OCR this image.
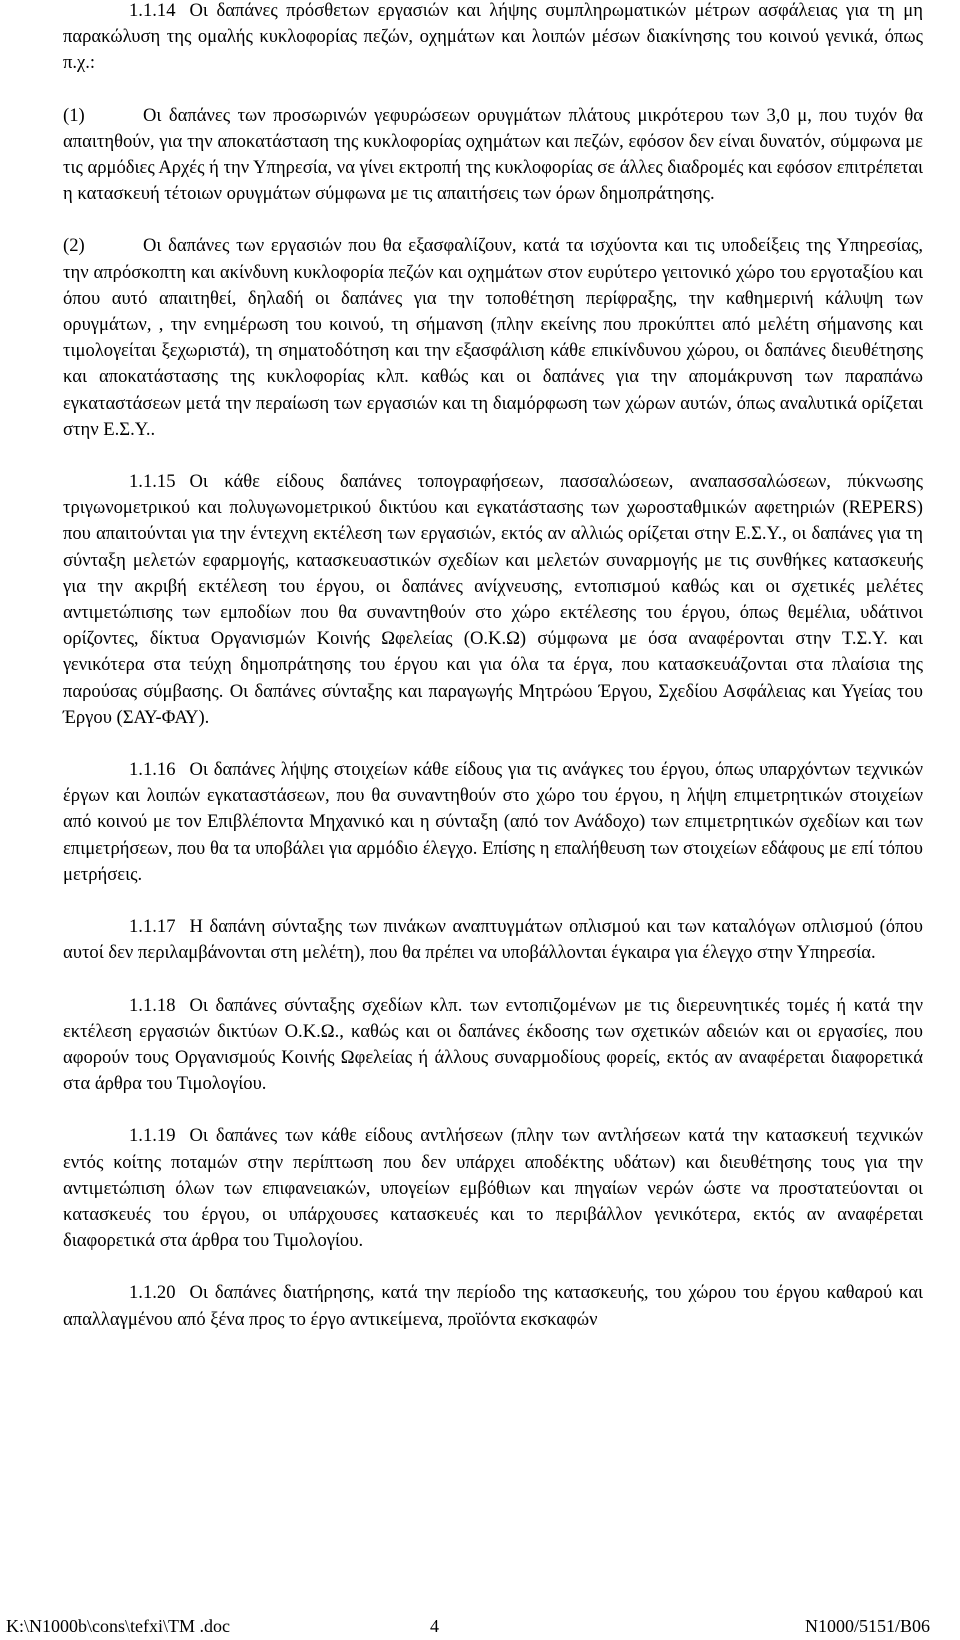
1.1.14 Οι δαπάνες πρόσθετων εργασιών και λήψης συμπληρωματικών μέτρων ασφάλειας για τη μη παρακώλυση της ομαλής κυκλοφορίας πεζών, οχημάτων και λοιπών μέσων διακίνησης του κοινού γενικά, όπως π.χ.:

(1)	Οι δαπάνες των προσωρινών γεφυρώσεων ορυγμάτων πλάτους μικρότερου των 3,0 μ, που τυχόν θα απαιτηθούν, για την αποκατάσταση της κυκλοφορίας οχημάτων και πεζών, εφόσον δεν είναι δυνατόν, σύμφωνα με τις αρμόδιες Αρχές ή την Υπηρεσία, να γίνει εκτροπή της κυκλοφορίας σε άλλες διαδρομές και εφόσον επιτρέπεται η κατασκευή τέτοιων ορυγμάτων σύμφωνα με τις απαιτήσεις των όρων δημοπράτησης.

(2)	Οι δαπάνες των εργασιών που θα εξασφαλίζουν, κατά τα ισχύοντα και τις υποδείξεις της Υπηρεσίας, την απρόσκοπτη και ακίνδυνη κυκλοφορία πεζών και οχημάτων στον ευρύτερο γειτονικό χώρο του εργοταξίου και όπου αυτό απαιτηθεί, δηλαδή οι δαπάνες για την τοποθέτηση περίφραξης, την καθημερινή κάλυψη των ορυγμάτων, , την ενημέρωση του κοινού, τη σήμανση (πλην εκείνης που προκύπτει από μελέτη σήμανσης και τιμολογείται ξεχωριστά), τη σηματοδότηση και την εξασφάλιση κάθε επικίνδυνου χώρου, οι δαπάνες διευθέτησης και αποκατάστασης της κυκλοφορίας κλπ. καθώς και οι δαπάνες για την απομάκρυνση των παραπάνω εγκαταστάσεων μετά την περαίωση των εργασιών και τη διαμόρφωση των χώρων αυτών, όπως αναλυτικά ορίζεται στην Ε.Σ.Υ..

1.1.15 Οι κάθε είδους δαπάνες τοπογραφήσεων, πασσαλώσεων, αναπασσαλώσεων, πύκνωσης τριγωνομετρικού και πολυγωνομετρικού δικτύου και εγκατάστασης των χωροσταθμικών αφετηριών (REPERS) που απαιτούνται για την έντεχνη εκτέλεση των εργασιών, εκτός αν αλλιώς ορίζεται στην Ε.Σ.Υ., οι δαπάνες για τη σύνταξη μελετών εφαρμογής, κατασκευαστικών σχεδίων και μελετών συναρμογής με τις συνθήκες κατασκευής για την ακριβή εκτέλεση του έργου, οι δαπάνες ανίχνευσης, εντοπισμού καθώς και οι σχετικές μελέτες αντιμετώπισης των εμποδίων που θα συναντηθούν στο χώρο εκτέλεσης του έργου, όπως θεμέλια, υδάτινοι ορίζοντες, δίκτυα Οργανισμών Κοινής Ωφελείας (Ο.Κ.Ω) σύμφωνα με όσα αναφέρονται στην Τ.Σ.Υ. και γενικότερα στα τεύχη δημοπράτησης του έργου και για όλα τα έργα, που κατασκευάζονται στα πλαίσια της παρούσας σύμβασης. Οι δαπάνες σύνταξης και παραγωγής Μητρώου Έργου, Σχεδίου Ασφάλειας και Υγείας του Έργου (ΣΑΥ-ΦΑΥ).

1.1.16 Οι δαπάνες λήψης στοιχείων κάθε είδους για τις ανάγκες του έργου, όπως υπαρχόντων τεχνικών έργων και λοιπών εγκαταστάσεων, που θα συναντηθούν στο χώρο του έργου, η λήψη επιμετρητικών στοιχείων από κοινού με τον Επιβλέποντα Μηχανικό και η σύνταξη (από τον Ανάδοχο) των επιμετρητικών σχεδίων και των επιμετρήσεων, που θα τα υποβάλει για αρμόδιο έλεγχο. Επίσης η επαλήθευση των στοιχείων εδάφους με επί τόπου μετρήσεις.

1.1.17 Η δαπάνη σύνταξης των πινάκων αναπτυγμάτων οπλισμού και των καταλόγων οπλισμού (όπου αυτοί δεν περιλαμβάνονται στη μελέτη), που θα πρέπει να υποβάλλονται έγκαιρα για έλεγχο στην Υπηρεσία.

1.1.18 Οι δαπάνες σύνταξης σχεδίων κλπ. των εντοπιζομένων με τις διερευνητικές τομές ή κατά την εκτέλεση εργασιών δικτύων Ο.Κ.Ω., καθώς και οι δαπάνες έκδοσης των σχετικών αδειών και οι εργασίες, που αφορούν τους Οργανισμούς Κοινής Ωφελείας ή άλλους συναρμοδίους φορείς, εκτός αν αναφέρεται διαφορετικά στα άρθρα του Τιμολογίου.

1.1.19 Οι δαπάνες των κάθε είδους αντλήσεων (πλην των αντλήσεων κατά την κατασκευή τεχνικών εντός κοίτης ποταμών στην περίπτωση που δεν υπάρχει αποδέκτης υδάτων) και διευθέτησης τους για την αντιμετώπιση όλων των επιφανειακών, υπογείων εμβόθιων και πηγαίων νερών ώστε να προστατεύονται οι κατασκευές του έργου, οι υπάρχουσες κατασκευές και το περιβάλλον γενικότερα, εκτός αν αναφέρεται διαφορετικά στα άρθρα του Τιμολογίου.

1.1.20 Οι δαπάνες διατήρησης, κατά την περίοδο της κατασκευής, του χώρου του έργου καθαρού και απαλλαγμένου από ξένα προς το έργο αντικείμενα, προϊόντα εκσκαφών

K:\N1000b\cons\tefxi\TM .doc	4	N1000/5151/B06
